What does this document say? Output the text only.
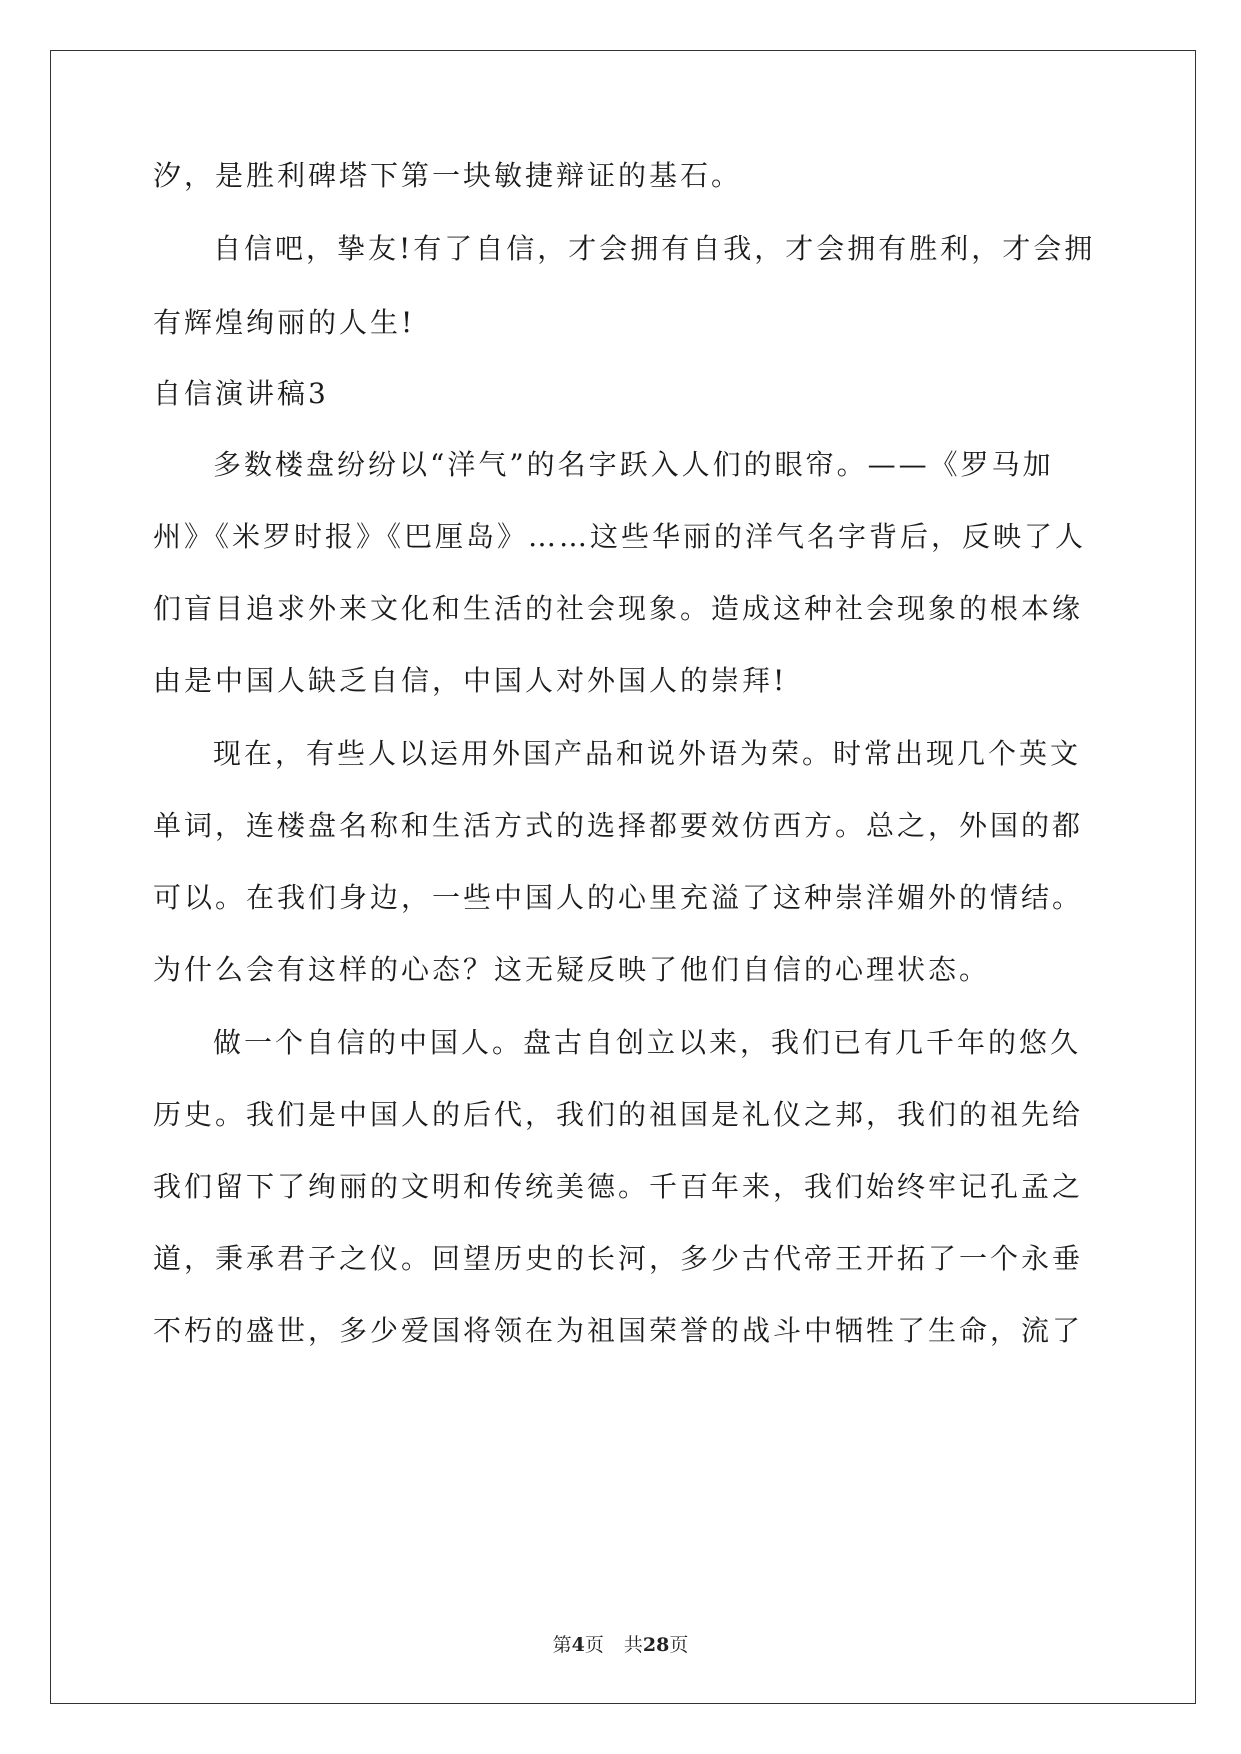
汐，是胜利碑塔下第一块敏捷辩证的基石。
自信吧，挚友!有了自信，才会拥有自我，才会拥有胜利，才会拥
有辉煌绚丽的人生!
自信演讲稿3
多数楼盘纷纷以“洋气”的名字跃入人们的眼帘。——《罗马加
州》《米罗时报》《巴厘岛》……这些华丽的洋气名字背后，反映了人
们盲目追求外来文化和生活的社会现象。造成这种社会现象的根本缘
由是中国人缺乏自信，中国人对外国人的崇拜!
现在，有些人以运用外国产品和说外语为荣。时常出现几个英文
单词，连楼盘名称和生活方式的选择都要效仿西方。总之，外国的都
可以。在我们身边，一些中国人的心里充溢了这种崇洋媚外的情结。
为什么会有这样的心态？这无疑反映了他们自信的心理状态。
做一个自信的中国人。盘古自创立以来，我们已有几千年的悠久
历史。我们是中国人的后代，我们的祖国是礼仪之邦，我们的祖先给
我们留下了绚丽的文明和传统美德。千百年来，我们始终牢记孔孟之
道，秉承君子之仪。回望历史的长河，多少古代帝王开拓了一个永垂
不朽的盛世，多少爱国将领在为祖国荣誉的战斗中牺牲了生命，流了
第4页 共28页
